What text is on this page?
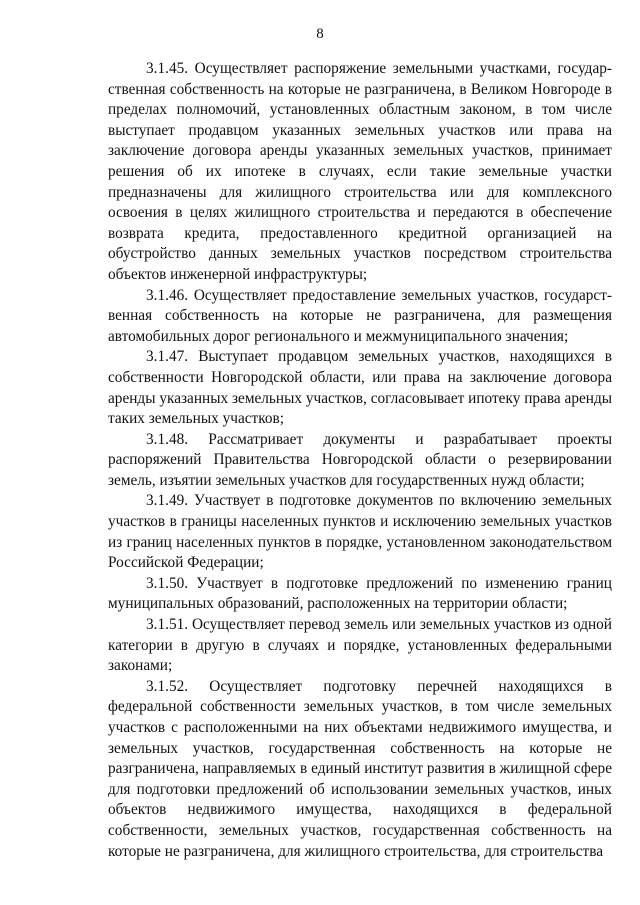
8

3.1.45. Осуществляет распоряжение земельными участками, государ-ственная собственность на которые не разграничена, в Великом Новгороде в пределах полномочий, установленных областным законом, в том числе выступает продавцом указанных земельных участков или права на заключение договора аренды указанных земельных участков, принимает решения об их ипотеке в случаях, если такие земельные участки предназначены для жилищного строительства или для комплексного освоения в целях жилищного строительства и передаются в обеспечение возврата кредита, предоставленного кредитной организацией на обустройство данных земельных участков посредством строительства объектов инженерной инфраструктуры;

3.1.46. Осуществляет предоставление земельных участков, государст-венная собственность на которые не разграничена, для размещения автомобильных дорог регионального и межмуниципального значения;

3.1.47. Выступает продавцом земельных участков, находящихся в собственности Новгородской области, или права на заключение договора аренды указанных земельных участков, согласовывает ипотеку права аренды таких земельных участков;

3.1.48. Рассматривает документы и разрабатывает проекты распоряжений Правительства Новгородской области о резервировании земель, изъятии земельных участков для государственных нужд области;

3.1.49. Участвует в подготовке документов по включению земельных участков в границы населенных пунктов и исключению земельных участков из границ населенных пунктов в порядке, установленном законодательством Российской Федерации;

3.1.50. Участвует в подготовке предложений по изменению границ муниципальных образований, расположенных на территории области;

3.1.51. Осуществляет перевод земель или земельных участков из одной категории в другую в случаях и порядке, установленных федеральными законами;

3.1.52. Осуществляет подготовку перечней находящихся в федеральной собственности земельных участков, в том числе земельных участков с расположенными на них объектами недвижимого имущества, и земельных участков, государственная собственность на которые не разграничена, направляемых в единый институт развития в жилищной сфере для подготовки предложений об использовании земельных участков, иных объектов недвижимого имущества, находящихся в федеральной собственности, земельных участков, государственная собственность на которые не разграничена, для жилищного строительства, для строительства
